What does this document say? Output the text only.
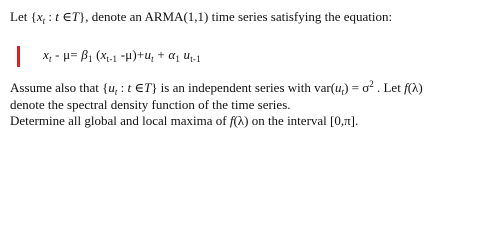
Let {$x_t$ : t ∈T}, denote an ARMA(1,1) time series satisfying the equation:
$x_t - \mu= \beta_1$ ($x_{t-1}$ $-\mu)+u_t + \alpha_1$ $u_{t-1}$
Assume also that {$u_t$ : t ∈T} is an independent series with $var(u_t) = \sigma^2$ . Let f(λ)
denote the spectral density function of the time series.
Determine all global and local maxima of f(λ) on the interval [0,π].
